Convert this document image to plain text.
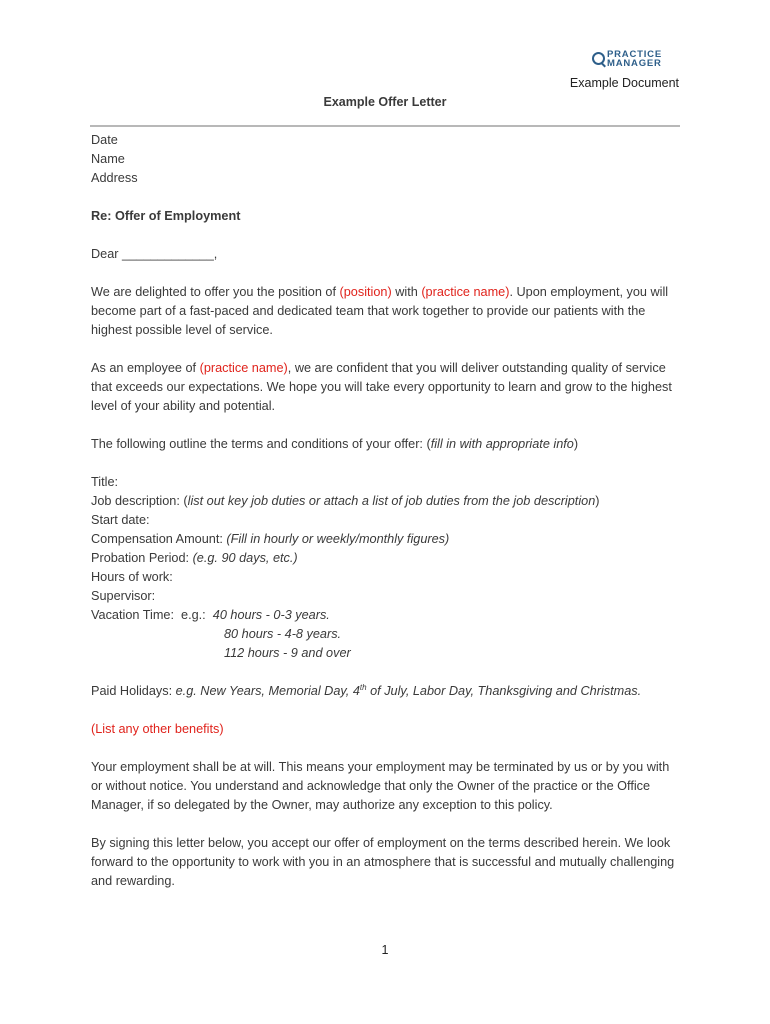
PRACTICE
MANAGER
Example Document
Example Offer Letter

Date
Name
Address

Re: Offer of Employment

Dear _____________,

We are delighted to offer you the position of (position) with (practice name). Upon employment, you will become part of a fast-paced and dedicated team that work together to provide our patients with the highest possible level of service.

As an employee of (practice name), we are confident that you will deliver outstanding quality of service that exceeds our expectations. We hope you will take every opportunity to learn and grow to the highest level of your ability and potential.

The following outline the terms and conditions of your offer: (fill in with appropriate info)

Title:
Job description: (list out key job duties or attach a list of job duties from the job description)
Start date:
Compensation Amount: (Fill in hourly or weekly/monthly figures)
Probation Period: (e.g. 90 days, etc.)
Hours of work:
Supervisor:
Vacation Time:  e.g.:  40 hours - 0-3 years.
80 hours - 4-8 years.
112 hours - 9 and over

Paid Holidays: e.g. New Years, Memorial Day, 4th of July, Labor Day, Thanksgiving and Christmas.

(List any other benefits)

Your employment shall be at will. This means your employment may be terminated by us or by you with or without notice. You understand and acknowledge that only the Owner of the practice or the Office Manager, if so delegated by the Owner, may authorize any exception to this policy.

By signing this letter below, you accept our offer of employment on the terms described herein. We look forward to the opportunity to work with you in an atmosphere that is successful and mutually challenging and rewarding.

1
